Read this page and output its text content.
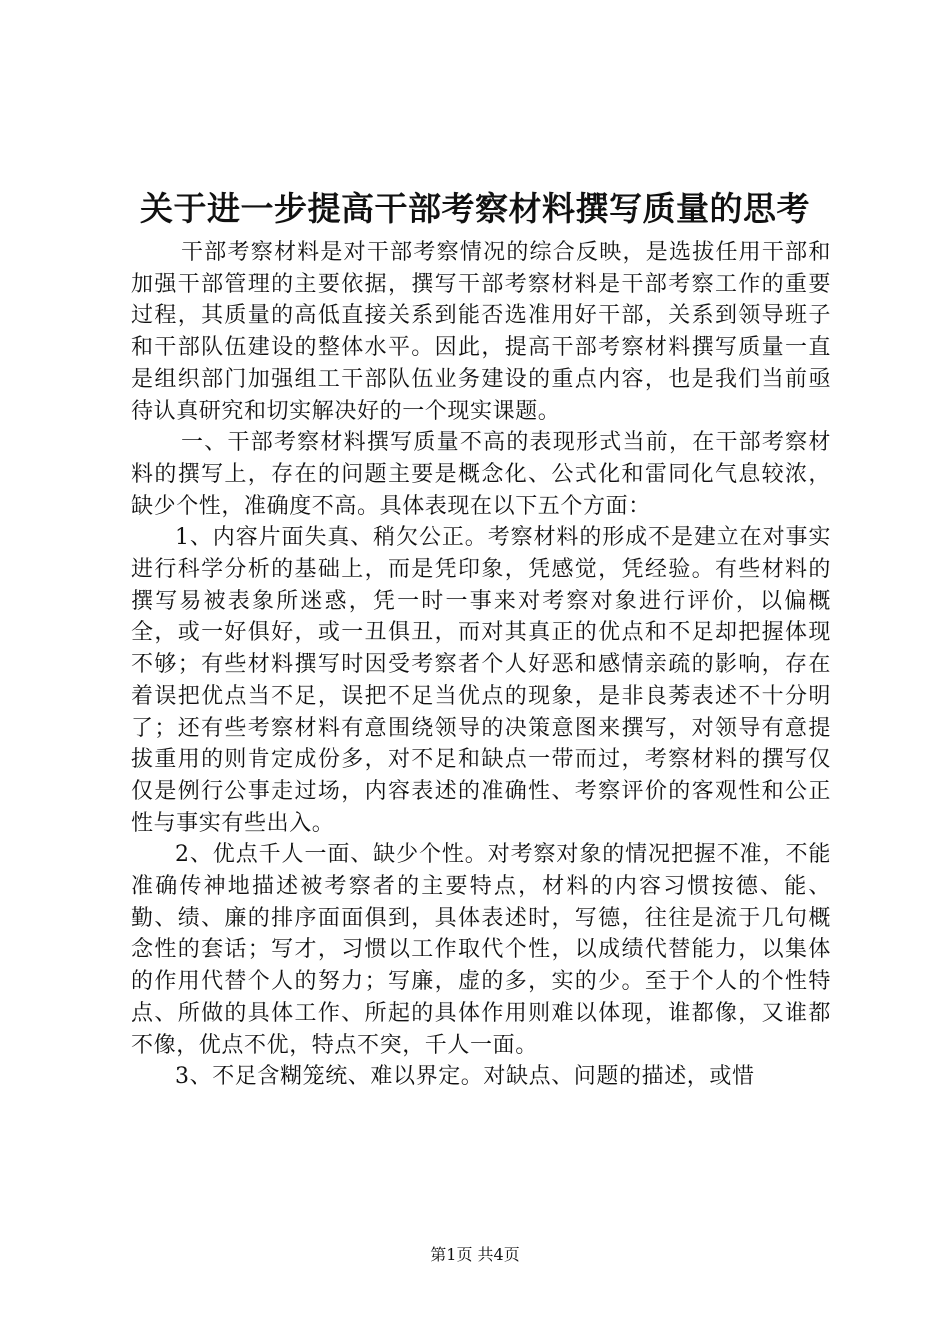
关于进一步提高干部考察材料撰写质量的思考

干部考察材料是对干部考察情况的综合反映，是选拔任用干部和加强干部管理的主要依据，撰写干部考察材料是干部考察工作的重要过程，其质量的高低直接关系到能否选准用好干部，关系到领导班子和干部队伍建设的整体水平。因此，提高干部考察材料撰写质量一直是组织部门加强组工干部队伍业务建设的重点内容，也是我们当前亟待认真研究和切实解决好的一个现实课题。

一、干部考察材料撰写质量不高的表现形式当前，在干部考察材料的撰写上，存在的问题主要是概念化、公式化和雷同化气息较浓，缺少个性，准确度不高。具体表现在以下五个方面：

1、内容片面失真、稍欠公正。考察材料的形成不是建立在对事实进行科学分析的基础上，而是凭印象，凭感觉，凭经验。有些材料的撰写易被表象所迷惑，凭一时一事来对考察对象进行评价，以偏概全，或一好俱好，或一丑俱丑，而对其真正的优点和不足却把握体现不够；有些材料撰写时因受考察者个人好恶和感情亲疏的影响，存在着误把优点当不足，误把不足当优点的现象，是非良莠表述不十分明了；还有些考察材料有意围绕领导的决策意图来撰写，对领导有意提拔重用的则肯定成份多，对不足和缺点一带而过，考察材料的撰写仅仅是例行公事走过场，内容表述的准确性、考察评价的客观性和公正性与事实有些出入。

2、优点千人一面、缺少个性。对考察对象的情况把握不准，不能准确传神地描述被考察者的主要特点，材料的内容习惯按德、能、勤、绩、廉的排序面面俱到，具体表述时，写德，往往是流于几句概念性的套话；写才，习惯以工作取代个性，以成绩代替能力，以集体的作用代替个人的努力；写廉，虚的多，实的少。至于个人的个性特点、所做的具体工作、所起的具体作用则难以体现，谁都像，又谁都不像，优点不优，特点不突，千人一面。

3、不足含糊笼统、难以界定。对缺点、问题的描述，或惜

第1页 共4页
